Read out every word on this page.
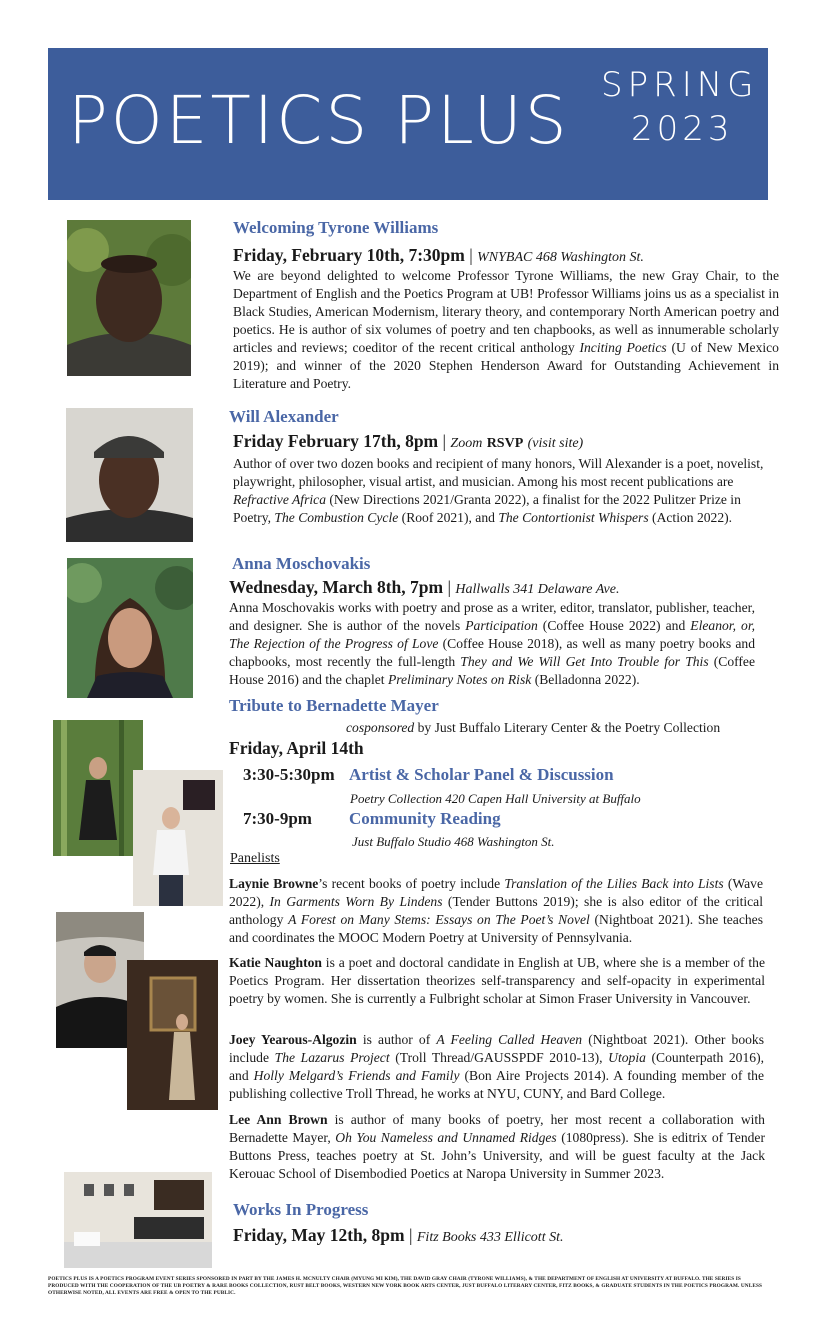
POETICS PLUS SPRING
2023
Welcoming Tyrone Williams
Friday, February 10th, 7:30pm | WNYBAC 468 Washington St.
We are beyond delighted to welcome Professor Tyrone Williams, the new Gray Chair, to the Department of English and the Poetics Program at UB! Professor Williams joins us as a specialist in Black Studies, American Modernism, literary theory, and contemporary North American poetry and poetics. He is author of six volumes of poetry and ten chapbooks, as well as innumerable scholarly articles and reviews; coeditor of the recent critical anthology Inciting Poetics (U of New Mexico 2019); and winner of the 2020 Stephen Henderson Award for Outstanding Achievement in Literature and Poetry.
Will Alexander
Friday February 17th, 8pm | Zoom RSVP (visit site)
Author of over two dozen books and recipient of many honors, Will Alexander is a poet, novelist, playwright, philosopher, visual artist, and musician. Among his most recent publications are Refractive Africa (New Directions 2021/Granta 2022), a finalist for the 2022 Pulitzer Prize in Poetry, The Combustion Cycle (Roof 2021), and The Contortionist Whispers (Action 2022).
Anna Moschovakis
Wednesday, March 8th, 7pm | Hallwalls 341 Delaware Ave.
Anna Moschovakis works with poetry and prose as a writer, editor, translator, publisher, teacher, and designer. She is author of the novels Participation (Coffee House 2022) and Eleanor, or, The Rejection of the Progress of Love (Coffee House 2018), as well as many poetry books and chapbooks, most recently the full-length They and We Will Get Into Trouble for This (Coffee House 2016) and the chaplet Preliminary Notes on Risk (Belladonna 2022).
Tribute to Bernadette Mayer
cosponsored by Just Buffalo Literary Center & the Poetry Collection
Friday, April 14th
3:30-5:30pm Artist & Scholar Panel & Discussion
Poetry Collection 420 Capen Hall University at Buffalo
7:30-9pm Community Reading
Just Buffalo Studio 468 Washington St.
Panelists
Laynie Browne’s recent books of poetry include Translation of the Lilies Back into Lists (Wave 2022), In Garments Worn By Lindens (Tender Buttons 2019); she is also editor of the critical anthology A Forest on Many Stems: Essays on The Poet’s Novel (Nightboat 2021). She teaches and coordinates the MOOC Modern Poetry at University of Pennsylvania.
Katie Naughton is a poet and doctoral candidate in English at UB, where she is a member of the Poetics Program. Her dissertation theorizes self-transparency and self-opacity in experimental poetry by women. She is currently a Fulbright scholar at Simon Fraser University in Vancouver.
Joey Yearous-Algozin is author of A Feeling Called Heaven (Nightboat 2021). Other books include The Lazarus Project (Troll Thread/GAUSSPDF 2010-13), Utopia (Counterpath 2016), and Holly Melgard’s Friends and Family (Bon Aire Projects 2014). A founding member of the publishing collective Troll Thread, he works at NYU, CUNY, and Bard College.
Lee Ann Brown is author of many books of poetry, her most recent a collaboration with Bernadette Mayer, Oh You Nameless and Unnamed Ridges (1080press). She is editrix of Tender Buttons Press, teaches poetry at St. John’s University, and will be guest faculty at the Jack Kerouac School of Disembodied Poetics at Naropa University in Summer 2023.
Works In Progress
Friday, May 12th, 8pm | Fitz Books 433 Ellicott St.
POETICS PLUS IS A POETICS PROGRAM EVENT SERIES SPONSORED IN PART BY THE JAMES H. MCNULTY CHAIR (MYUNG MI KIM), THE DAVID GRAY CHAIR (TYRONE WILLIAMS), & THE DEPARTMENT OF ENGLISH AT UNIVERSITY AT BUFFALO. THE SERIES IS PRODUCED WITH THE COOPERATION OF THE UB POETRY & RARE BOOKS COLLECTION, RUST BELT BOOKS, WESTERN NEW YORK BOOK ARTS CENTER, JUST BUFFALO LITERARY CENTER, FITZ BOOKS, & GRADUATE STUDENTS IN THE POETICS PROGRAM. UNLESS OTHERWISE NOTED, ALL EVENTS ARE FREE & OPEN TO THE PUBLIC.
